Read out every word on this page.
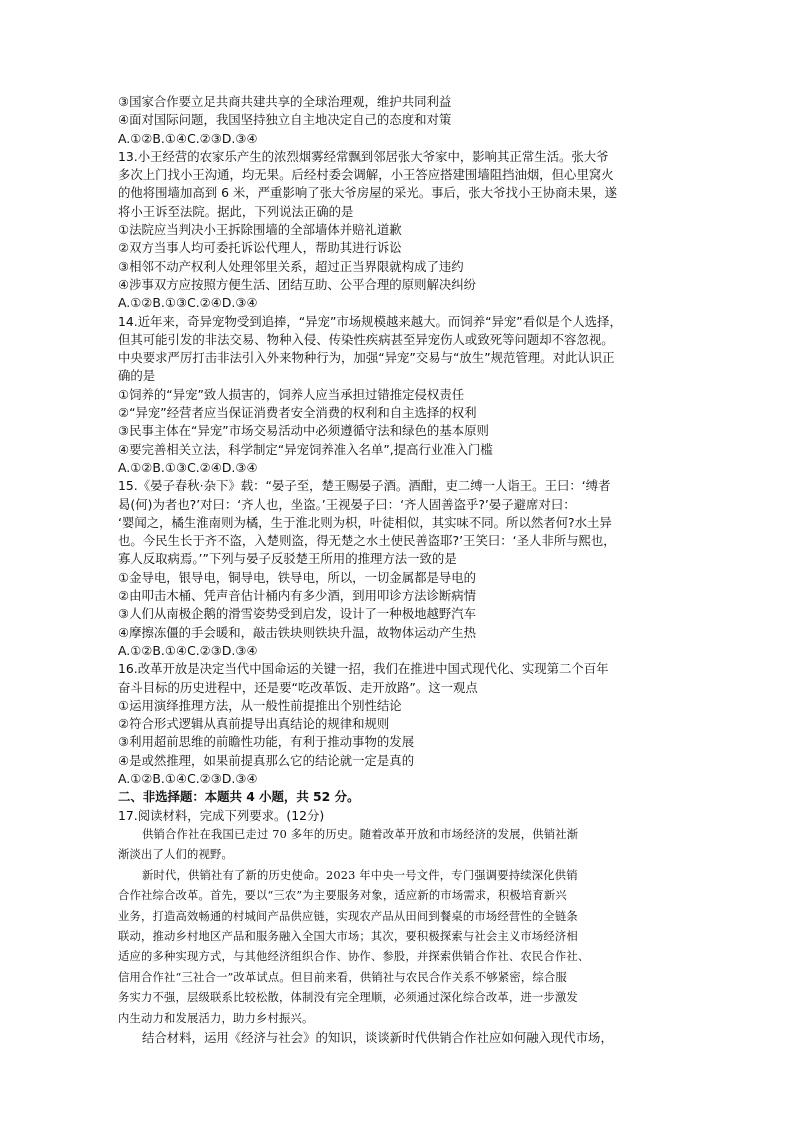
③国家合作要立足共商共建共享的全球治理观，维护共同利益
④面对国际问题，我国坚持独立自主地决定自己的态度和对策
A.①②B.①④C.②③D.③④
13.小王经营的农家乐产生的浓烈烟雾经常飘到邻居张大爷家中，影响其正常生活。张大爷
多次上门找小王沟通，均无果。后经村委会调解，小王答应搭建围墙阻挡油烟，但心里窝火
的他将围墙加高到 6 米，严重影响了张大爷房屋的采光。事后，张大爷找小王协商未果，遂
将小王诉至法院。据此，下列说法正确的是
①法院应当判决小王拆除围墙的全部墙体并赔礼道歉
②双方当事人均可委托诉讼代理人，帮助其进行诉讼
③相邻不动产权利人处理邻里关系，超过正当界限就构成了违约
④涉事双方应按照方便生活、团结互助、公平合理的原则解决纠纷
A.①②B.①③C.②④D.③④
14.近年来，奇异宠物受到追捧，“异宠”市场规模越来越大。而饲养“异宠”看似是个人选择，
但其可能引发的非法交易、物种入侵、传染性疾病甚至异宠伤人或致死等问题却不容忽视。
中央要求严厉打击非法引入外来物种行为，加强“异宠”交易与“放生”规范管理。对此认识正
确的是
①饲养的“异宠”致人损害的，饲养人应当承担过错推定侵权责任
②“异宠”经营者应当保证消费者安全消费的权利和自主选择的权利
③民事主体在“异宠”市场交易活动中必须遵循守法和绿色的基本原则
④要完善相关立法，科学制定“异宠饲养准入名单”,提高行业准入门槛
A.①②B.①③C.②④D.③④
15.《晏子春秋·杂下》载：“晏子至，楚王赐晏子酒。酒酣，吏二缚一人诣王。王曰：‘缚者
曷(何)为者也?’对曰：‘齐人也，坐盗。’王视晏子曰：‘齐人固善盗乎?’晏子避席对曰：
‘婴闻之，橘生淮南则为橘，生于淮北则为枳，叶徒相似，其实味不同。所以然者何?水土异
也。今民生长于齐不盗，入楚则盗，得无楚之水土使民善盗耶?’王笑曰：‘圣人非所与熙也，
寡人反取病焉。’”下列与晏子反驳楚王所用的推理方法一致的是
①金导电，银导电，铜导电，铁导电，所以，一切金属都是导电的
②由叩击木桶、凭声音估计桶内有多少酒，到用叩诊方法诊断病情
③人们从南极企鹅的滑雪姿势受到启发，设计了一种极地越野汽车
④摩擦冻僵的手会暖和，敲击铁块则铁块升温，故物体运动产生热
A.①②B.①④C.②③D.③④
16.改革开放是决定当代中国命运的关键一招，我们在推进中国式现代化、实现第二个百年
奋斗目标的历史进程中，还是要“吃改革饭、走开放路”。这一观点
①运用演绎推理方法，从一般性前提推出个别性结论
②符合形式逻辑从真前提导出真结论的规律和规则
③利用超前思维的前瞻性功能，有利于推动事物的发展
④是或然推理，如果前提真那么它的结论就一定是真的
A.①②B.①④C.②③D.③④
二、非选择题：本题共 4 小题，共 52 分。
17.阅读材料，完成下列要求。(12分)
供销合作社在我国已走过 70 多年的历史。随着改革开放和市场经济的发展，供销社渐
渐淡出了人们的视野。
新时代，供销社有了新的历史使命。2023 年中央一号文件，专门强调要持续深化供销
合作社综合改革。首先，要以“三农”为主要服务对象，适应新的市场需求，积极培育新兴
业务，打造高效畅通的村城间产品供应链，实现农产品从田间到餐桌的市场经营性的全链条
联动，推动乡村地区产品和服务融入全国大市场；其次，要积极探索与社会主义市场经济相
适应的多种实现方式，与其他经济组织合作、协作、参股，并探索供销合作社、农民合作社、
信用合作社“三社合一”改革试点。但目前来看，供销社与农民合作关系不够紧密，综合服
务实力不强，层级联系比较松散，体制没有完全理顺，必须通过深化综合改革，进一步激发
内生动力和发展活力，助力乡村振兴。
结合材料，运用《经济与社会》的知识，谈谈新时代供销合作社应如何融入现代市场，
